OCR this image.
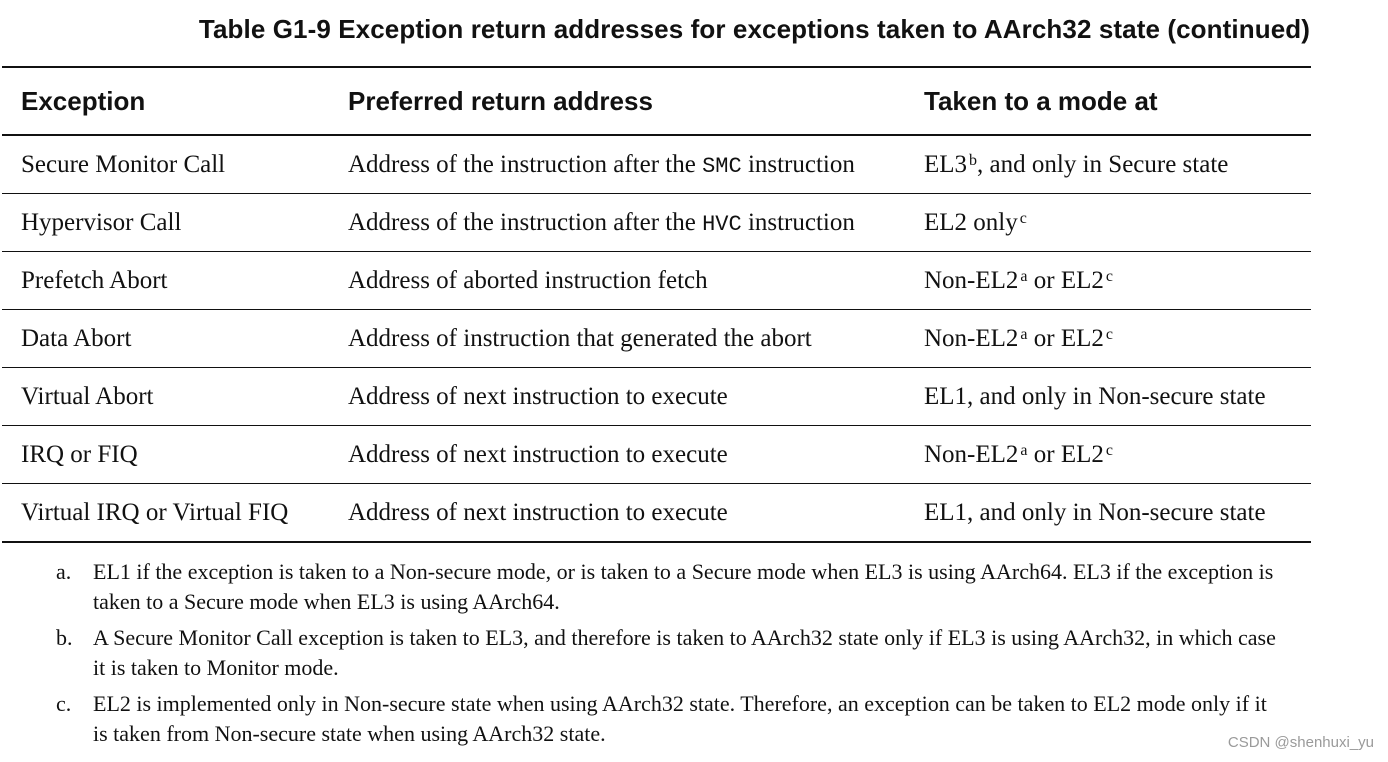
Table G1-9 Exception return addresses for exceptions taken to AArch32 state (continued)
Exception	Preferred return address	Taken to a mode at
Secure Monitor Call	Address of the instruction after the SMC instruction	EL3 $^b$, and only in Secure state
Hypervisor Call	Address of the instruction after the HVC instruction	EL2 only $^c$
Prefetch Abort	Address of aborted instruction fetch	Non-EL2 $^a$ or EL2 $^c$
Data Abort	Address of instruction that generated the abort	Non-EL2 $^a$ or EL2 $^c$
Virtual Abort	Address of next instruction to execute	EL1, and only in Non-secure state
IRQ or FIQ	Address of next instruction to execute	Non-EL2 $^a$ or EL2 $^c$
Virtual IRQ or Virtual FIQ	Address of next instruction to execute	EL1, and only in Non-secure state
a. EL1 if the exception is taken to a Non-secure mode, or is taken to a Secure mode when EL3 is using AArch64. EL3 if the exception is taken to a Secure mode when EL3 is using AArch64.
b. A Secure Monitor Call exception is taken to EL3, and therefore is taken to AArch32 state only if EL3 is using AArch32, in which case it is taken to Monitor mode.
c. EL2 is implemented only in Non-secure state when using AArch32 state. Therefore, an exception can be taken to EL2 mode only if it is taken from Non-secure state when using AArch32 state.	CSDN @shenhuxi_yu
